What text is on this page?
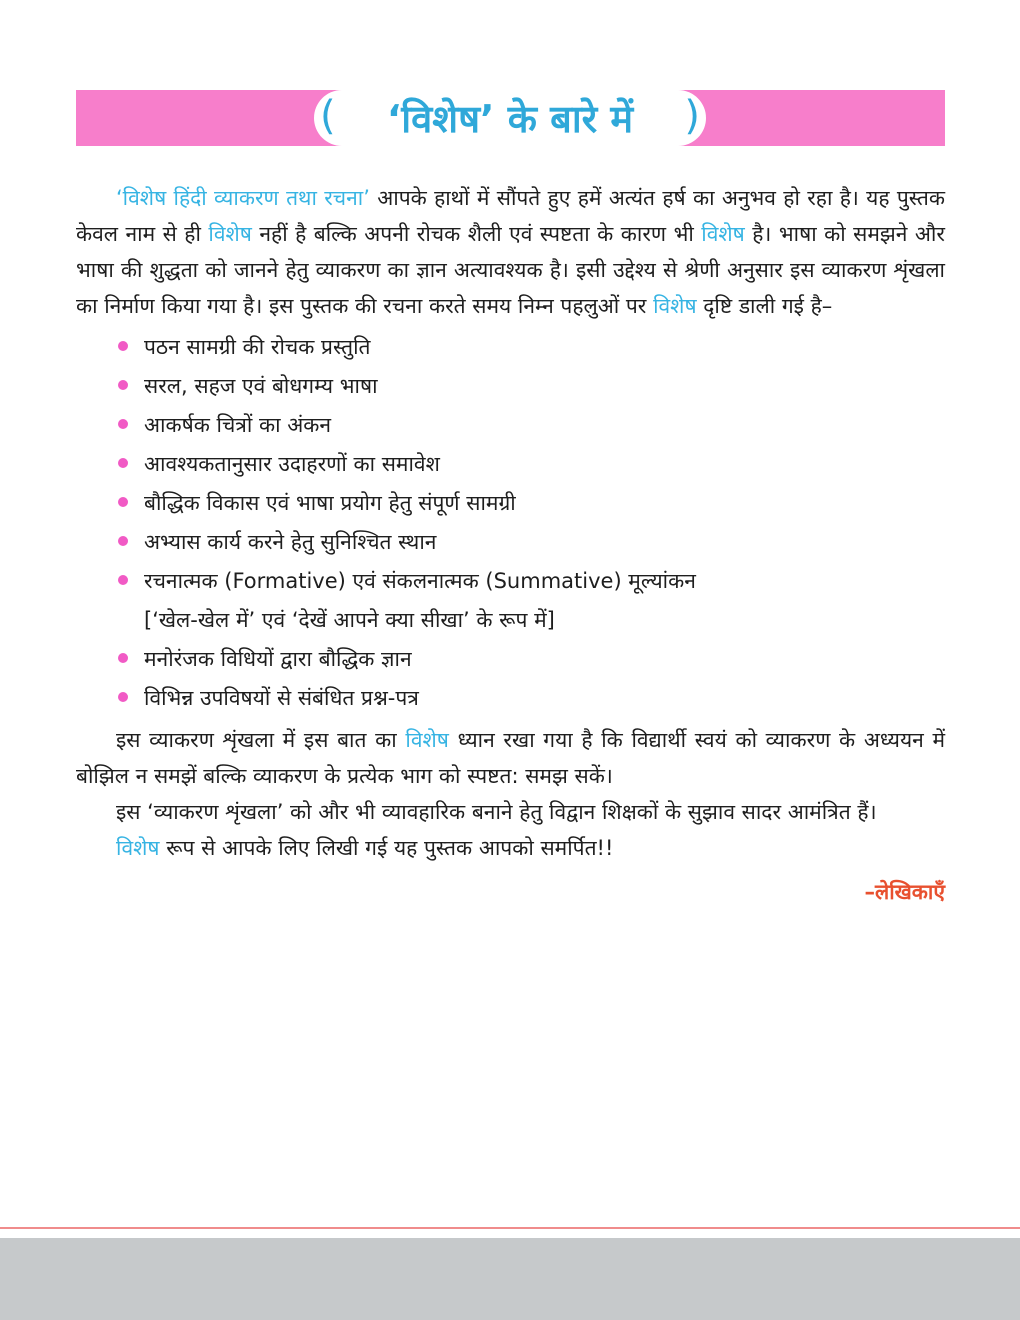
( ‘विशेष’ के बारे में )

‘विशेष हिंदी व्याकरण तथा रचना’ आपके हाथों में सौंपते हुए हमें अत्यंत हर्ष का अनुभव हो रहा है। यह पुस्तक केवल नाम से ही विशेष नहीं है बल्कि अपनी रोचक शैली एवं स्पष्टता के कारण भी विशेष है। भाषा को समझने और भाषा की शुद्धता को जानने हेतु व्याकरण का ज्ञान अत्यावश्यक है। इसी उद्देश्य से श्रेणी अनुसार इस व्याकरण शृंखला का निर्माण किया गया है। इस पुस्तक की रचना करते समय निम्न पहलुओं पर विशेष दृष्टि डाली गई है–

पठन सामग्री की रोचक प्रस्तुति
सरल, सहज एवं बोधगम्य भाषा
आकर्षक चित्रों का अंकन
आवश्यकतानुसार उदाहरणों का समावेश
बौद्धिक विकास एवं भाषा प्रयोग हेतु संपूर्ण सामग्री
अभ्यास कार्य करने हेतु सुनिश्चित स्थान
रचनात्मक (Formative) एवं संकलनात्मक (Summative) मूल्यांकन
[‘खेल-खेल में’ एवं ‘देखें आपने क्या सीखा’ के रूप में]
मनोरंजक विधियों द्वारा बौद्धिक ज्ञान
विभिन्न उपविषयों से संबंधित प्रश्न-पत्र

इस व्याकरण शृंखला में इस बात का विशेष ध्यान रखा गया है कि विद्यार्थी स्वयं को व्याकरण के अध्ययन में बोझिल न समझें बल्कि व्याकरण के प्रत्येक भाग को स्पष्टत: समझ सकें।

इस ‘व्याकरण शृंखला’ को और भी व्यावहारिक बनाने हेतु विद्वान शिक्षकों के सुझाव सादर आमंत्रित हैं।

विशेष रूप से आपके लिए लिखी गई यह पुस्तक आपको समर्पित!!

–लेखिकाएँ
